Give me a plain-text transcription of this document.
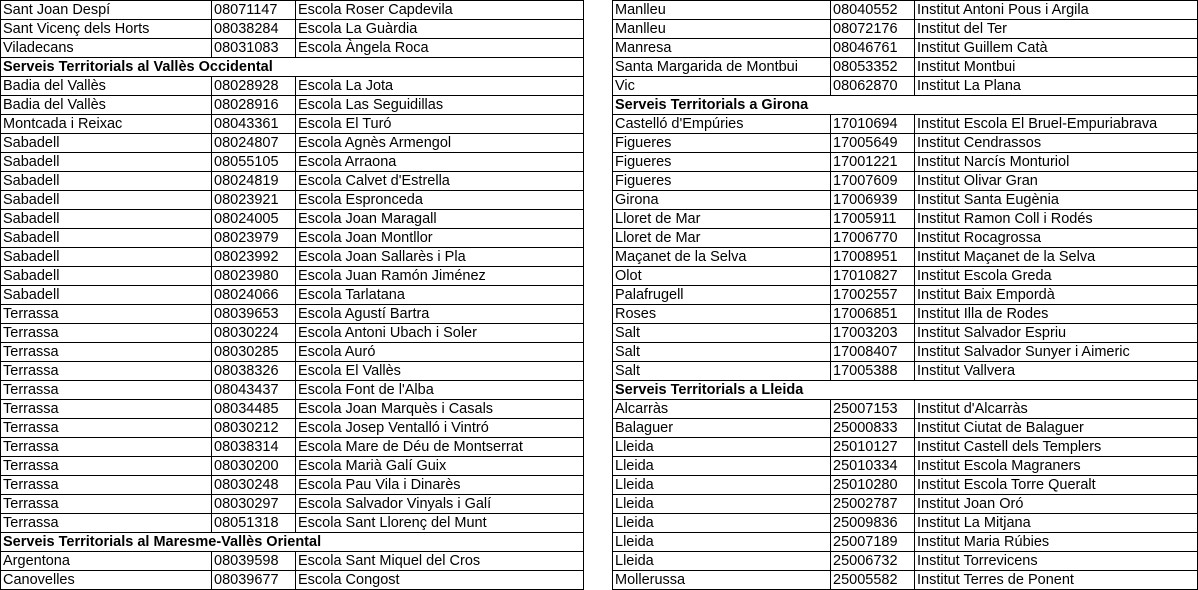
Sant Joan Despí	08071147	Escola Roser Capdevila
Sant Vicenç dels Horts	08038284	Escola La Guàrdia
Viladecans	08031083	Escola Àngela Roca
Serveis Territorials al Vallès Occidental		
Badia del Vallès	08028928	Escola La Jota
Badia del Vallès	08028916	Escola Las Seguidillas
Montcada i Reixac	08043361	Escola El Turó
Sabadell	08024807	Escola Agnès Armengol
Sabadell	08055105	Escola Arraona
Sabadell	08024819	Escola Calvet d'Estrella
Sabadell	08023921	Escola Espronceda
Sabadell	08024005	Escola Joan Maragall
Sabadell	08023979	Escola Joan Montllor
Sabadell	08023992	Escola Joan Sallarès i Pla
Sabadell	08023980	Escola Juan Ramón Jiménez
Sabadell	08024066	Escola Tarlatana
Terrassa	08039653	Escola Agustí Bartra
Terrassa	08030224	Escola Antoni Ubach i Soler
Terrassa	08030285	Escola Auró
Terrassa	08038326	Escola El Vallès
Terrassa	08043437	Escola Font de l'Alba
Terrassa	08034485	Escola Joan Marquès i Casals
Terrassa	08030212	Escola Josep Ventalló i Vintró
Terrassa	08038314	Escola Mare de Déu de Montserrat
Terrassa	08030200	Escola Marià Galí Guix
Terrassa	08030248	Escola Pau Vila i Dinarès
Terrassa	08030297	Escola Salvador Vinyals i Galí
Terrassa	08051318	Escola Sant Llorenç del Munt
Serveis Territorials al Maresme-Vallès Oriental		
Argentona	08039598	Escola Sant Miquel del Cros
Canovelles	08039677	Escola Congost
Manlleu	08040552	Institut Antoni Pous i Argila
Manlleu	08072176	Institut del Ter
Manresa	08046761	Institut Guillem Catà
Santa Margarida de Montbui	08053352	Institut Montbui
Vic	08062870	Institut La Plana
Serveis Territorials a Girona		
Castelló d'Empúries	17010694	Institut Escola El Bruel-Empuriabrava
Figueres	17005649	Institut Cendrassos
Figueres	17001221	Institut Narcís Monturiol
Figueres	17007609	Institut Olivar Gran
Girona	17006939	Institut Santa Eugènia
Lloret de Mar	17005911	Institut Ramon Coll i Rodés
Lloret de Mar	17006770	Institut Rocagrossa
Maçanet de la Selva	17008951	Institut Maçanet de la Selva
Olot	17010827	Institut Escola Greda
Palafrugell	17002557	Institut Baix Empordà
Roses	17006851	Institut Illa de Rodes
Salt	17003203	Institut Salvador Espriu
Salt	17008407	Institut Salvador Sunyer i Aimeric
Salt	17005388	Institut Vallvera
Serveis Territorials a Lleida		
Alcarràs	25007153	Institut d'Alcarràs
Balaguer	25000833	Institut Ciutat de Balaguer
Lleida	25010127	Institut Castell dels Templers
Lleida	25010334	Institut Escola Magraners
Lleida	25010280	Institut Escola Torre Queralt
Lleida	25002787	Institut Joan Oró
Lleida	25009836	Institut La Mitjana
Lleida	25007189	Institut Maria Rúbies
Lleida	25006732	Institut Torrevicens
Mollerussa	25005582	Institut Terres de Ponent
